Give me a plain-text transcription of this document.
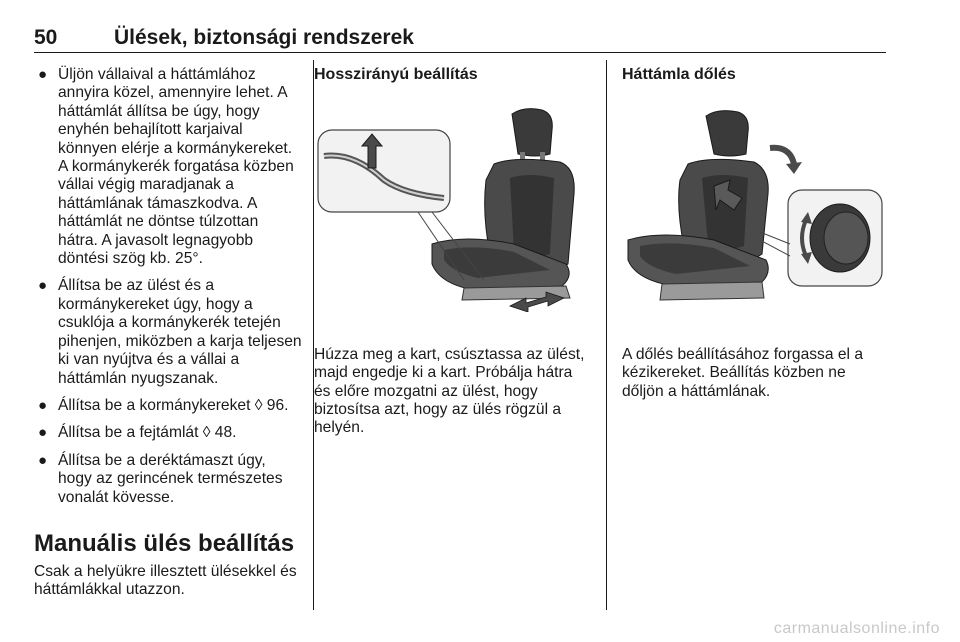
50	Ülések, biztonsági rendszerek
● Üljön vállaival a háttámlához annyira közel, amennyire lehet. A háttámlát állítsa be úgy, hogy enyhén behajlított karjaival könnyen elérje a kormánykereket. A kormánykerék forgatása közben vállai végig maradjanak a háttámlának támaszkodva. A háttámlát ne döntse túlzottan hátra. A javasolt legnagyobb döntési szög kb. 25°.
● Állítsa be az ülést és a kormánykereket úgy, hogy a csuklója a kormánykerék tetején pihenjen, miközben a karja teljesen ki van nyújtva és a vállai a háttámlán nyugszanak.
● Állítsa be a kormánykereket ◊ 96.
● Állítsa be a fejtámlát ◊ 48.
● Állítsa be a deréktámaszt úgy, hogy az gerincének természetes vonalát kövesse.
Manuális ülés beállítás
Csak a helyükre illesztett ülésekkel és háttámlákkal utazzon.
Hosszirányú beállítás
Húzza meg a kart, csúsztassa az ülést, majd engedje ki a kart. Próbálja hátra és előre mozgatni az ülést, hogy biztosítsa azt, hogy az ülés rögzül a helyén.
Háttámla dőlés
A dőlés beállításához forgassa el a kézikereket. Beállítás közben ne dőljön a háttámlának.
carmanualsonline.info
